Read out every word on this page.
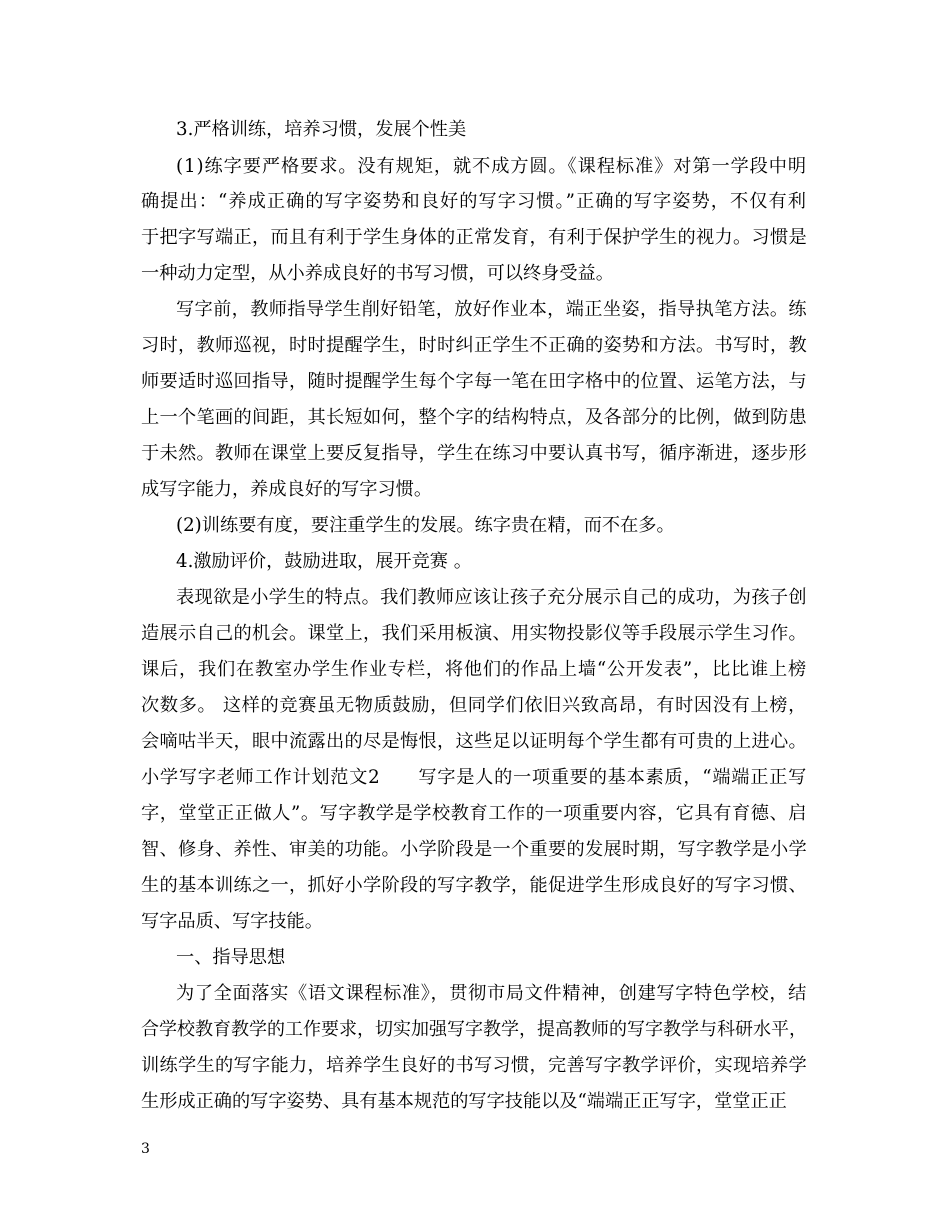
3.严格训练，培养习惯，发展个性美

(1)练字要严格要求。没有规矩，就不成方圆。《课程标准》对第一学段中明

确提出：“养成正确的写字姿势和良好的写字习惯。”正确的写字姿势，不仅有利

于把字写端正，而且有利于学生身体的正常发育，有利于保护学生的视力。习惯是

一种动力定型，从小养成良好的书写习惯，可以终身受益。

写字前，教师指导学生削好铅笔，放好作业本，端正坐姿，指导执笔方法。练

习时，教师巡视，时时提醒学生，时时纠正学生不正确的姿势和方法。书写时，教

师要适时巡回指导，随时提醒学生每个字每一笔在田字格中的位置、运笔方法，与

上一个笔画的间距，其长短如何，整个字的结构特点，及各部分的比例，做到防患

于未然。教师在课堂上要反复指导，学生在练习中要认真书写，循序渐进，逐步形

成写字能力，养成良好的写字习惯。

(2)训练要有度，要注重学生的发展。练字贵在精，而不在多。

4.激励评价，鼓励进取，展开竞赛 。

表现欲是小学生的特点。我们教师应该让孩子充分展示自己的成功，为孩子创

造展示自己的机会。课堂上，我们采用板演、用实物投影仪等手段展示学生习作。

课后，我们在教室办学生作业专栏，将他们的作品上墙“公开发表”，比比谁上榜

次数多。 这样的竞赛虽无物质鼓励，但同学们依旧兴致高昂，有时因没有上榜，

会嘀咕半天，眼中流露出的尽是悔恨，这些足以证明每个学生都有可贵的上进心。

小学写字老师工作计划范文2　　写字是人的一项重要的基本素质，“端端正正写

字，堂堂正正做人”。写字教学是学校教育工作的一项重要内容，它具有育德、启

智、修身、养性、审美的功能。小学阶段是一个重要的发展时期，写字教学是小学

生的基本训练之一，抓好小学阶段的写字教学，能促进学生形成良好的写字习惯、

写字品质、写字技能。

一、指导思想

为了全面落实《语文课程标准》，贯彻市局文件精神，创建写字特色学校，结

合学校教育教学的工作要求，切实加强写字教学，提高教师的写字教学与科研水平，

训练学生的写字能力，培养学生良好的书写习惯，完善写字教学评价，实现培养学

生形成正确的写字姿势、具有基本规范的写字技能以及“端端正正写字，堂堂正正

3
